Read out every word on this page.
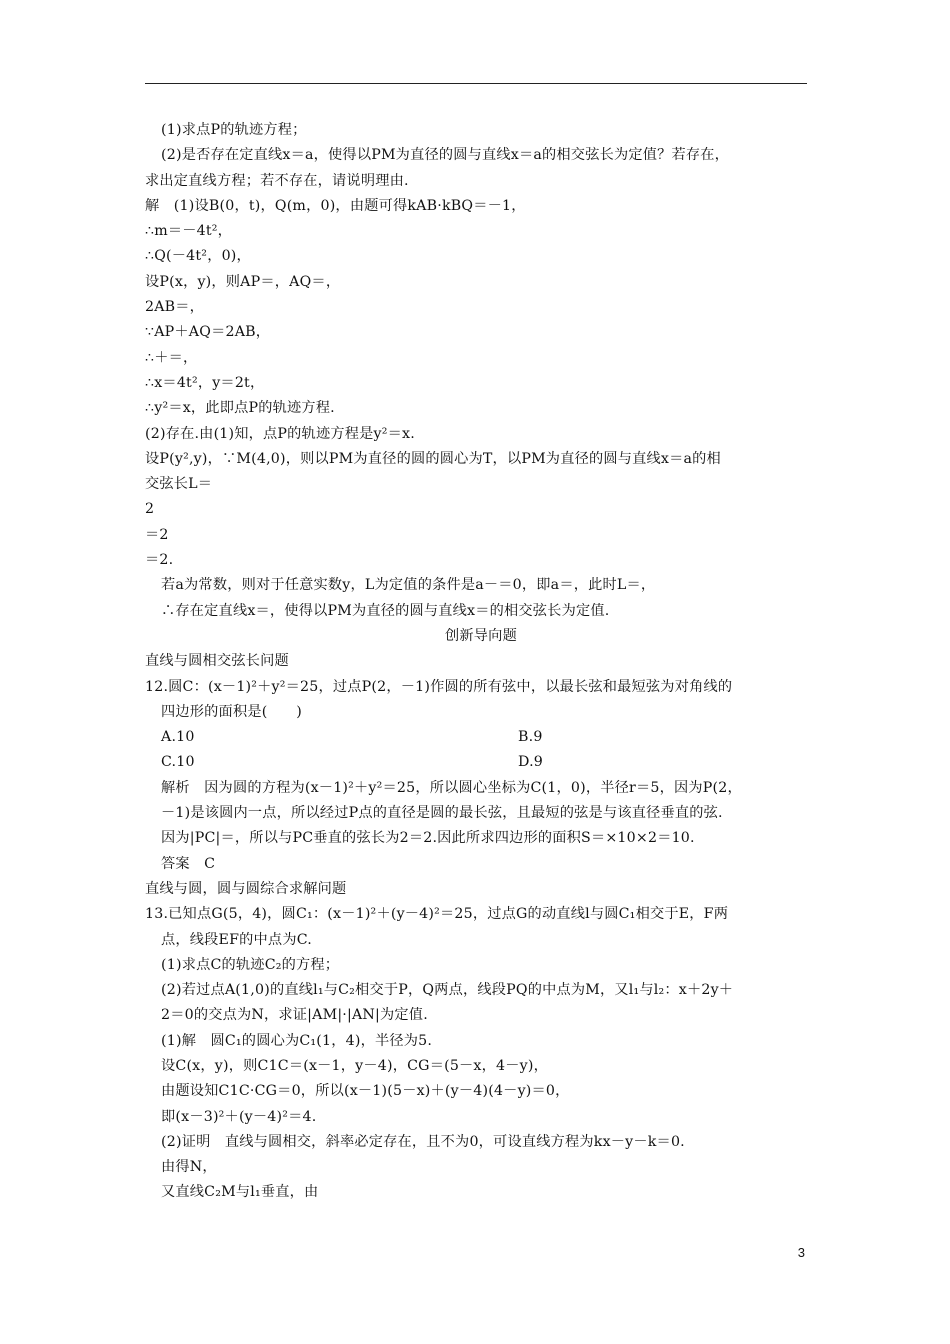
(1)求点P的轨迹方程；
(2)是否存在定直线x＝a，使得以PM为直径的圆与直线x＝a的相交弦长为定值？若存在，
求出定直线方程；若不存在，请说明理由.
解　(1)设B(0，t)，Q(m，0)，由题可得kAB·kBQ＝－1，
∴m＝－4t²，
∴Q(－4t²，0)，
设P(x，y)，则AP＝，AQ＝，
2AB＝，
∵AP＋AQ＝2AB，
∴＋＝，
∴x＝4t²，y＝2t，
∴y²＝x，此即点P的轨迹方程.
(2)存在.由(1)知，点P的轨迹方程是y²＝x.
设P(y²,y)，∵M(4,0)，则以PM为直径的圆的圆心为T，以PM为直径的圆与直线x＝a的相
交弦长L＝
2
＝2
＝2.
若a为常数，则对于任意实数y，L为定值的条件是a－＝0，即a＝，此时L＝，
∴存在定直线x＝，使得以PM为直径的圆与直线x＝的相交弦长为定值.
创新导向题
直线与圆相交弦长问题
12.圆C：(x－1)²＋y²＝25，过点P(2，－1)作圆的所有弦中，以最长弦和最短弦为对角线的
四边形的面积是(　　)
A.10	B.9
C.10	D.9
解析　因为圆的方程为(x－1)²＋y²＝25，所以圆心坐标为C(1，0)，半径r＝5，因为P(2，
－1)是该圆内一点，所以经过P点的直径是圆的最长弦，且最短的弦是与该直径垂直的弦.
因为|PC|＝，所以与PC垂直的弦长为2＝2.因此所求四边形的面积S＝×10×2＝10.
答案　C
直线与圆，圆与圆综合求解问题
13.已知点G(5，4)，圆C₁：(x－1)²＋(y－4)²＝25，过点G的动直线l与圆C₁相交于E，F两
点，线段EF的中点为C.
(1)求点C的轨迹C₂的方程；
(2)若过点A(1,0)的直线l₁与C₂相交于P，Q两点，线段PQ的中点为M，又l₁与l₂：x＋2y＋
2＝0的交点为N，求证|AM|·|AN|为定值.
(1)解　圆C₁的圆心为C₁(1，4)，半径为5.
设C(x，y)，则C1C＝(x－1，y－4)，CG＝(5－x，4－y)，
由题设知C1C·CG＝0，所以(x－1)(5－x)＋(y－4)(4－y)＝0，
即(x－3)²＋(y－4)²＝4.
(2)证明　直线与圆相交，斜率必定存在，且不为0，可设直线方程为kx－y－k＝0.
由得N，
又直线C₂M与l₁垂直，由
3
